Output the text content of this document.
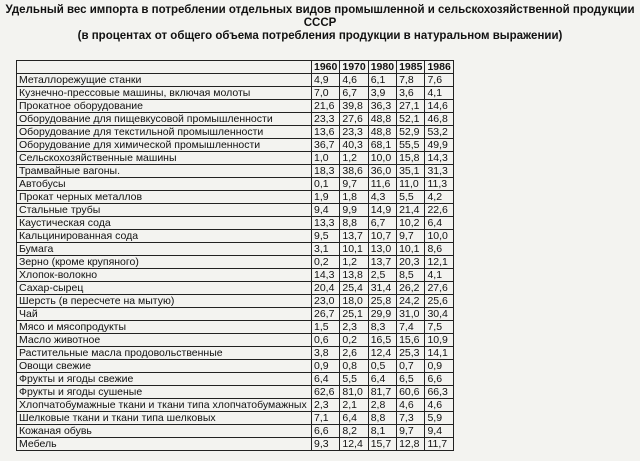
Удельный вес импорта в потреблении отдельных видов промышленной и сельскохозяйственной продукции
СССР
(в процентах от общего объема потребления продукции в натуральном выражении)
	1960	1970	1980	1985	1986
Металлорежущие станки	4,9	4,6	6,1	7,8	7,6
Кузнечно-прессовые машины, включая молоты	7,0	6,7	3,9	3,6	4,1
Прокатное оборудование	21,6	39,8	36,3	27,1	14,6
Оборудование для пищевкусовой промышленности	23,3	27,6	48,8	52,1	46,8
Оборудование для текстильной промышленности	13,6	23,3	48,8	52,9	53,2
Оборудование для химической промышленности	36,7	40,3	68,1	55,5	49,9
Сельскохозяйственные машины	1,0	1,2	10,0	15,8	14,3
Трамвайные вагоны.	18,3	38,6	36,0	35,1	31,3
Автобусы	0,1	9,7	11,6	11,0	11,3
Прокат черных металлов	1,9	1,8	4,3	5,5	4,2
Стальные трубы	9,4	9,9	14,9	21,4	22,6
Каустическая сода	13,3	8,8	6,7	10,2	6,4
Кальцинированная сода	9,5	13,7	10,7	9,7	10,0
Бумага	3,1	10,1	13,0	10,1	8,6
Зерно (кроме крупяного)	0,2	1,2	13,7	20,3	12,1
Хлопок-волокно	14,3	13,8	2,5	8,5	4,1
Сахар-сырец	20,4	25,4	31,4	26,2	27,6
Шерсть (в пересчете на мытую)	23,0	18,0	25,8	24,2	25,6
Чай	26,7	25,1	29,9	31,0	30,4
Мясо и мясопродукты	1,5	2,3	8,3	7,4	7,5
Масло животное	0,6	0,2	16,5	15,6	10,9
Растительные масла продовольственные	3,8	2,6	12,4	25,3	14,1
Овощи свежие	0,9	0,8	0,5	0,7	0,9
Фрукты и ягоды свежие	6,4	5,5	6,4	6,5	6,6
Фрукты и ягоды сушеные	62,6	81,0	81,7	60,6	66,3
Хлопчатобумажные ткани и ткани типа хлопчатобумажных	2,3	2,1	2,8	4,6	4,6
Шелковые ткани и ткани типа шелковых	7,1	6,4	8,8	7,3	5,9
Кожаная обувь	6,6	8,2	8,1	9,7	9,4
Мебель	9,3	12,4	15,7	12,8	11,7
